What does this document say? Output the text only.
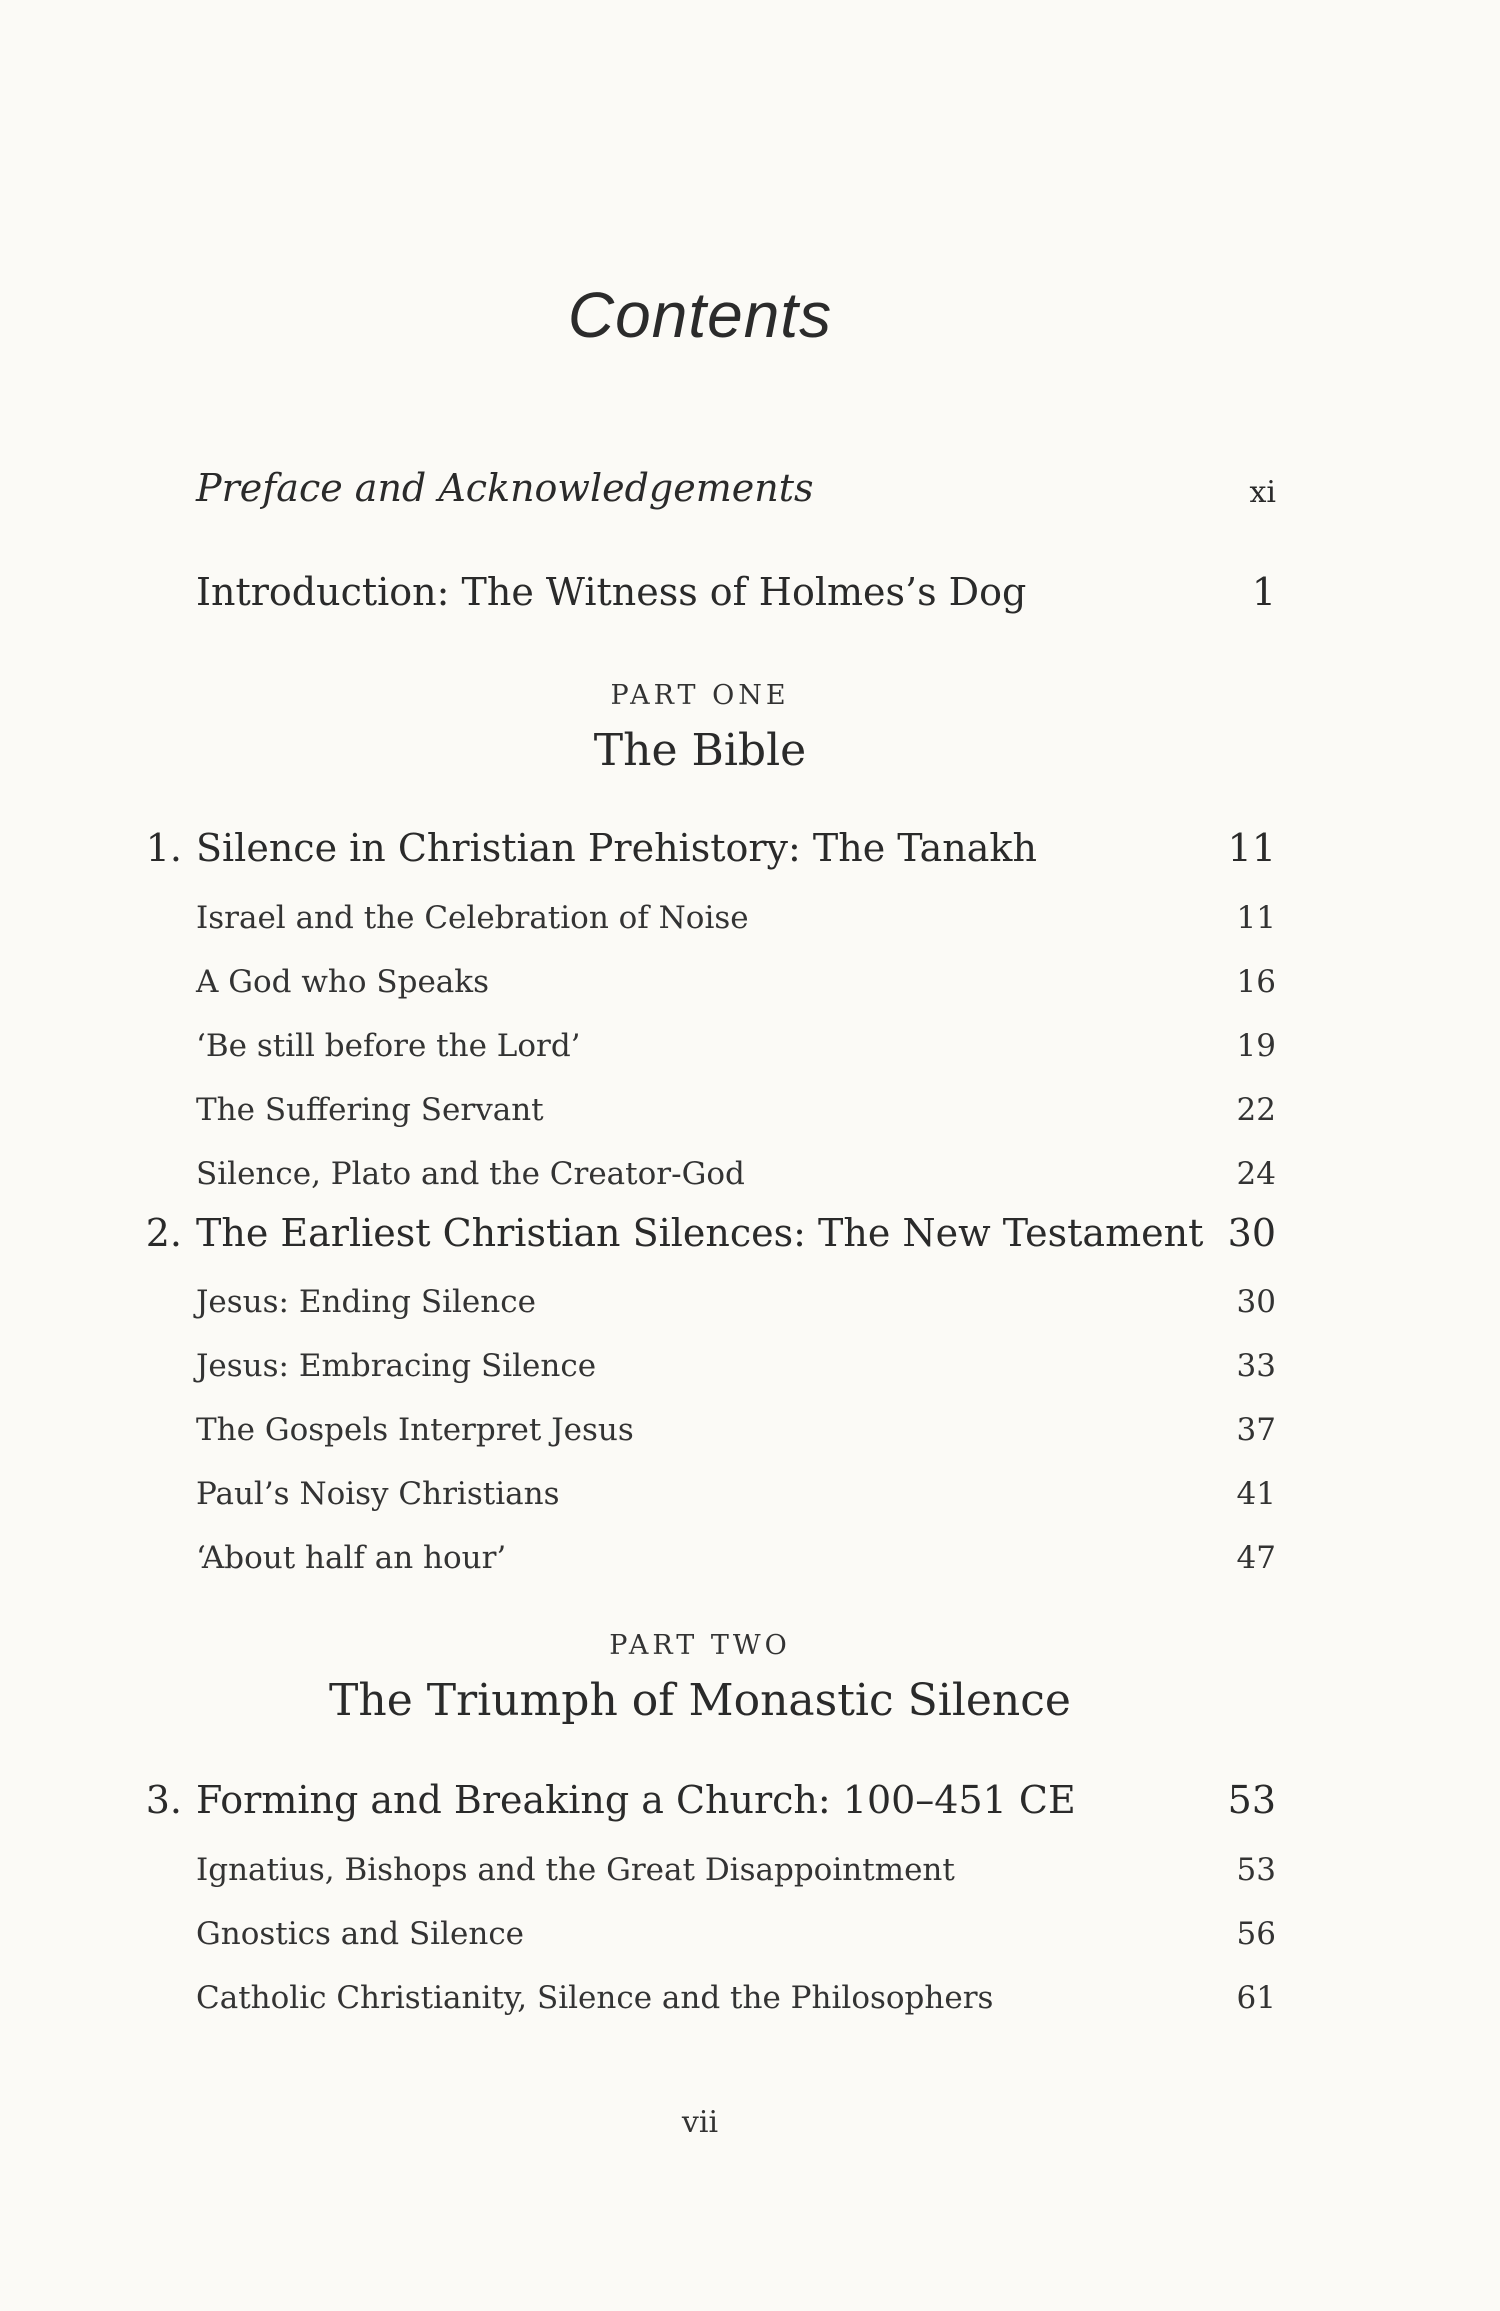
Contents
Preface and Acknowledgements	xi
Introduction: The Witness of Holmes’s Dog	1
PART ONE
The Bible
1. Silence in Christian Prehistory: The Tanakh	11
Israel and the Celebration of Noise	11
A God who Speaks	16
‘Be still before the Lord’	19
The Suffering Servant	22
Silence, Plato and the Creator-God	24
2. The Earliest Christian Silences: The New Testament 30
Jesus: Ending Silence	30
Jesus: Embracing Silence	33
The Gospels Interpret Jesus	37
Paul’s Noisy Christians	41
‘About half an hour’	47
PART TWO
The Triumph of Monastic Silence
3. Forming and Breaking a Church: 100–451 CE	53
Ignatius, Bishops and the Great Disappointment	53
Gnostics and Silence	56
Catholic Christianity, Silence and the Philosophers	61
vii
